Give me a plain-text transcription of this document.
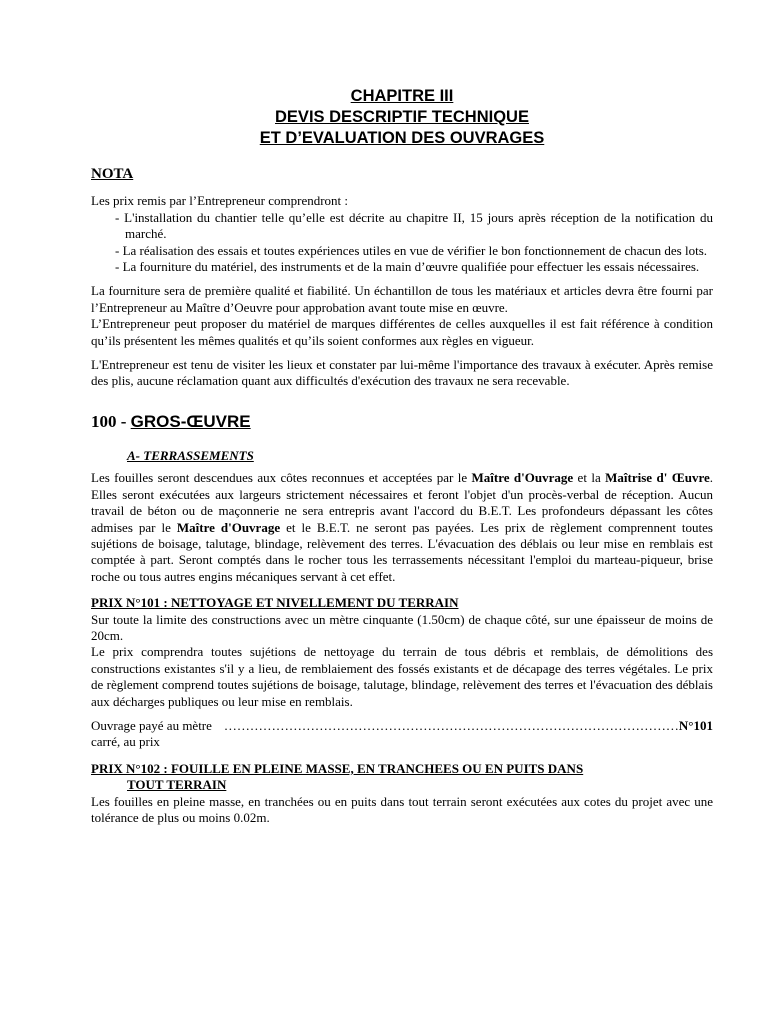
CHAPITRE III
DEVIS DESCRIPTIF TECHNIQUE
ET D’EVALUATION DES OUVRAGES
NOTA

Les prix remis par l’Entrepreneur comprendront :

- L'installation du chantier telle qu’elle est décrite au chapitre II, 15 jours après réception de la notification du marché.
- La réalisation des essais et toutes expériences utiles en vue de vérifier le bon fonctionnement de chacun des lots.
- La fourniture du matériel, des instruments et de la main d’œuvre qualifiée pour effectuer les essais nécessaires.

La fourniture sera de première qualité et fiabilité. Un échantillon de tous les matériaux et articles devra être fourni par l’Entrepreneur au Maître d’Oeuvre pour approbation avant toute mise en œuvre.

L’Entrepreneur peut proposer du matériel de marques différentes de celles auxquelles il est fait référence à condition qu’ils présentent les mêmes qualités et qu’ils soient conformes aux règles en vigueur.

L'Entrepreneur est tenu de visiter les lieux et constater par lui-même l'importance des travaux à exécuter. Après remise des plis, aucune réclamation quant aux difficultés d'exécution des travaux ne sera recevable.

100 - GROS-ŒUVRE
A- TERRASSEMENTS

Les fouilles seront descendues aux côtes reconnues et acceptées par le Maître d'Ouvrage et la Maîtrise d' Œuvre. Elles seront exécutées aux largeurs strictement nécessaires et feront l'objet d'un procès-verbal de réception. Aucun travail de béton ou de maçonnerie ne sera entrepris avant l'accord du B.E.T. Les profondeurs dépassant les côtes admises par le Maître d'Ouvrage et le B.E.T. ne seront pas payées. Les prix de règlement comprennent toutes sujétions de boisage, talutage, blindage, relèvement des terres. L'évacuation des déblais ou leur mise en remblais est comptée à part. Seront comptés dans le rocher tous les terrassements nécessitant l'emploi du marteau-piqueur, brise roche ou tous autres engins mécaniques servant à cet effet.

PRIX N°101 : NETTOYAGE ET NIVELLEMENT DU TERRAIN

Sur toute la limite des constructions avec un mètre cinquante (1.50cm) de chaque côté, sur une épaisseur de moins de 20cm.

Le prix comprendra toutes sujétions de nettoyage du terrain de tous débris et remblais, de démolitions des constructions existantes s'il y a lieu, de remblaiement des fossés existants et de décapage des terres végétales. Le prix de règlement comprend toutes sujétions de boisage, talutage, blindage, relèvement des terres et l'évacuation des déblais aux décharges publiques ou leur mise en remblais.

Ouvrage payé au mètre carré, au prix
…………………………………………………………………………………………… N°101
PRIX N°102 : FOUILLE EN PLEINE MASSE, EN TRANCHEES OU EN PUITS DANS
TOUT TERRAIN

Les fouilles en pleine masse, en tranchées ou en puits dans tout terrain seront exécutées aux cotes du projet avec une tolérance de plus ou moins 0.02m.
